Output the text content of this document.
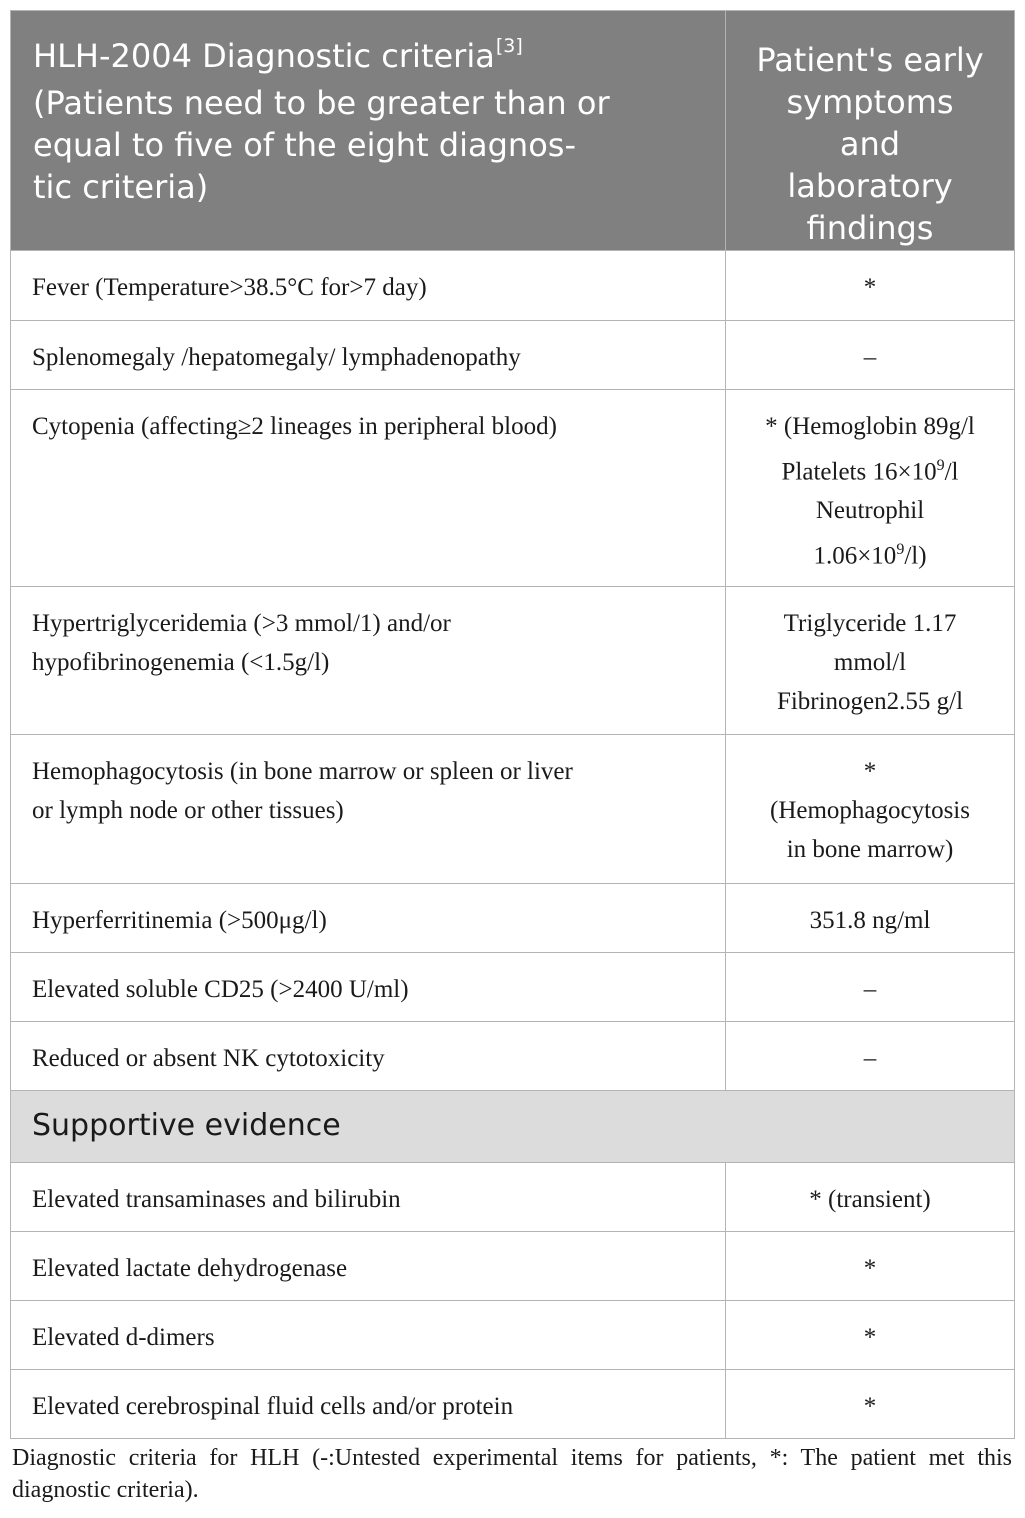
HLH-2004 Diagnostic criteria[3]
(Patients need to be greater than or
equal to five of the eight diagnos-
tic criteria)	Patient's early
symptoms
and
laboratory
findings
Fever (Temperature>38.5°C for>7 day)	*
Splenomegaly /hepatomegaly/ lymphadenopathy	–
Cytopenia (affecting≥2 lineages in peripheral blood)	* (Hemoglobin 89g/l
Platelets $16\times 10^9/l$
Neutrophil
$1.06\times 10^9/l$)
Hypertriglyceridemia (>3 mmol/1) and/or
hypofibrinogenemia (<1.5g/l)	Triglyceride 1.17
mmol/l
Fibrinogen2.55 g/l
Hemophagocytosis (in bone marrow or spleen or liver
or lymph node or other tissues)	*
(Hemophagocytosis
in bone marrow)
Hyperferritinemia (>500μg/l)	351.8 ng/ml
Elevated soluble CD25 (>2400 U/ml)	–
Reduced or absent NK cytotoxicity	–
Supportive evidence	
Elevated transaminases and bilirubin	* (transient)
Elevated lactate dehydrogenase	*
Elevated d-dimers	*
Elevated cerebrospinal fluid cells and/or protein	*
Diagnostic criteria for HLH (-:Untested experimental items for patients, *: The patient met this diagnostic criteria).
